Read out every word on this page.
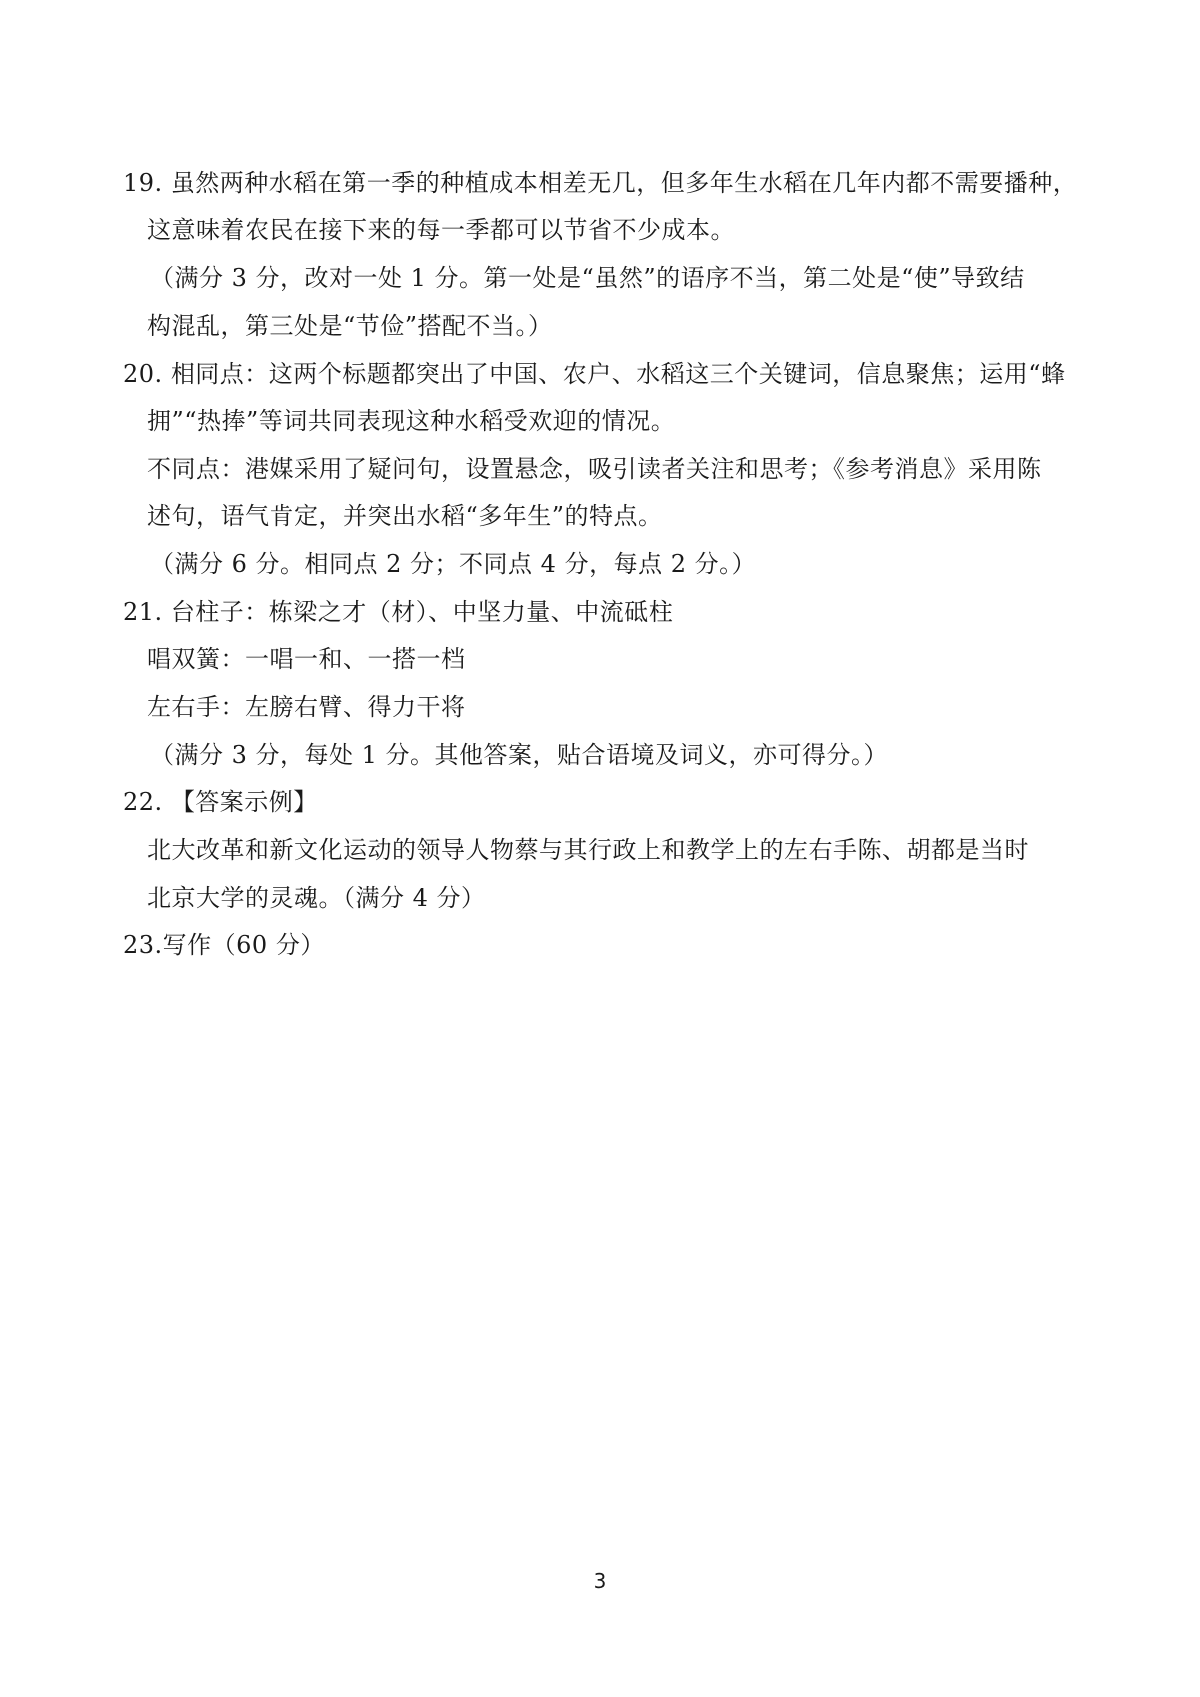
19. 虽然两种水稻在第一季的种植成本相差无几，但多年生水稻在几年内都不需要播种，
这意味着农民在接下来的每一季都可以节省不少成本。
（满分 3 分，改对一处 1 分。第一处是“虽然”的语序不当，第二处是“使”导致结
构混乱，第三处是“节俭”搭配不当。）
20. 相同点：这两个标题都突出了中国、农户、水稻这三个关键词，信息聚焦；运用“蜂
拥”“热捧”等词共同表现这种水稻受欢迎的情况。
不同点：港媒采用了疑问句，设置悬念，吸引读者关注和思考；《参考消息》采用陈
述句，语气肯定，并突出水稻“多年生”的特点。
（满分 6 分。相同点 2 分；不同点 4 分，每点 2 分。）
21. 台柱子：栋梁之才（材）、中坚力量、中流砥柱
唱双簧：一唱一和、一搭一档
左右手：左膀右臂、得力干将
（满分 3 分，每处 1 分。其他答案，贴合语境及词义，亦可得分。）
22. 【答案示例】
北大改革和新文化运动的领导人物蔡与其行政上和教学上的左右手陈、胡都是当时
北京大学的灵魂。（满分 4 分）
23.写作（60 分）
3
